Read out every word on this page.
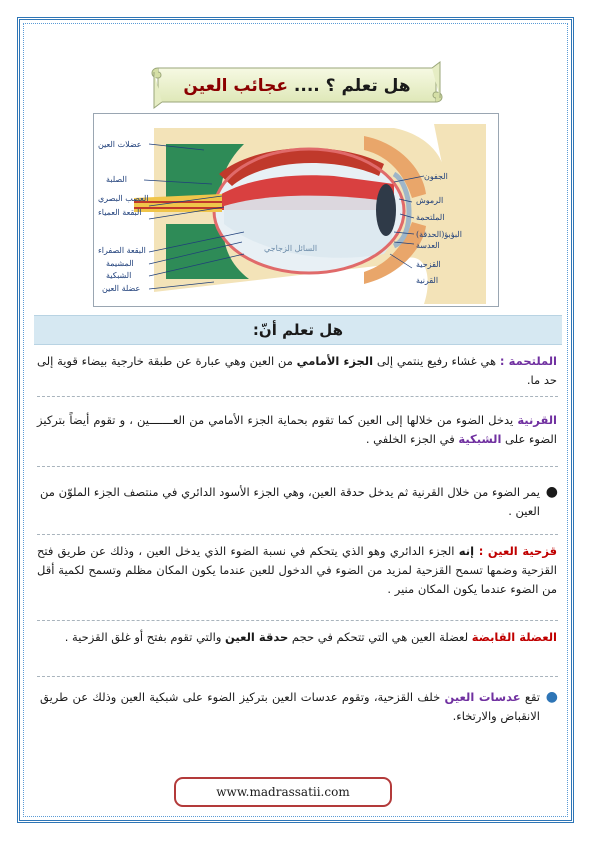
هل تعلم ؟ .... عجائب العين
عضلات العين
الصلبة
العصب البصري
البقعة العمياء
البقعة الصفراء
المشيمة
الشبكية
عضلة العين
الجفون
الرموش
الملتحمة
البؤبؤ(الحدقة)
العدسة
القزحية
القرنية
السائل الزجاجي
هل تعلم أنّ:
الملتحمة : هي غشاء رفيع ينتمي إلى الجزء الأمامي من العين وهي عبارة عن طبقة خارجية بيضاء قوية إلى حد ما.
القرنية يدخل الضوء من خلالها إلى العين كما تقوم بحماية الجزء الأمامي من العـــــــين ، و تقوم أيضاً بتركيز الضوء على الشبكية في الجزء الخلفي .
●
يمر الضوء من خلال القرنية ثم يدخل حدقة العين، وهي الجزء الأسود الدائري في منتصف الجزء الملوّن من العين .
قزحية العين : إنه الجزء الدائري وهو الذي يتحكم في نسبة الضوء الذي يدخل العين ، وذلك عن طريق فتح القزحية وضمها تسمح القزحية لمزيد من الضوء في الدخول للعين عندما يكون المكان مظلم وتسمح لكمية أقل من الضوء عندما يكون المكان منير .
العضلة القابضة لعضلة العين هي التي تتحكم في حجم حدقة العين والتي تقوم بفتح أو غلق القزحية .
●
تقع عدسات العين خلف القزحية، وتقوم عدسات العين بتركيز الضوء على شبكية العين وذلك عن طريق الانقباض والارتخاء.
www.madrassatii.com
